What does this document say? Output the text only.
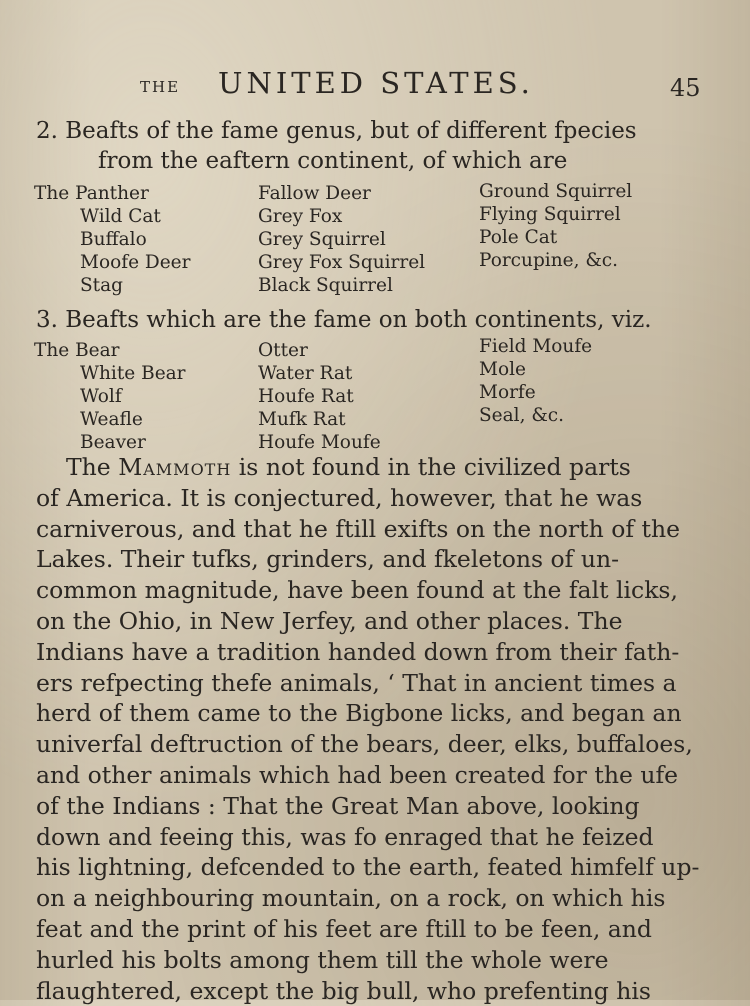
THE UNITED STATES.	45
2. Beafts of the fame genus, but of different fpecies
from the eaftern continent, of which are
The Panther
Wild Cat
Buffalo
Moofe Deer
Stag
Fallow Deer
Grey Fox
Grey Squirrel
Grey Fox Squirrel
Black Squirrel
Ground Squirrel
Flying Squirrel
Pole Cat
Porcupine, &c.
3. Beafts which are the fame on both continents, viz.
The Bear
White Bear
Wolf
Weafle
Beaver
Otter
Water Rat
Houfe Rat
Mufk Rat
Houfe Moufe
Field Moufe
Mole
Morfe
Seal, &c.
The Mammoth is not found in the civilized parts
of America. It is conjectured, however, that he was
carniverous, and that he ftill exifts on the north of the
Lakes. Their tufks, grinders, and fkeletons of un-
common magnitude, have been found at the falt licks,
on the Ohio, in New Jerfey, and other places. The
Indians have a tradition handed down from their fath-
ers refpecting thefe animals, ‘ That in ancient times a
herd of them came to the Bigbone licks, and began an
univerfal deftruction of the bears, deer, elks, buffaloes,
and other animals which had been created for the ufe
of the Indians : That the Great Man above, looking
down and feeing this, was fo enraged that he feized
his lightning, defcended to the earth, feated himfelf up-
on a neighbouring mountain, on a rock, on which his
feat and the print of his feet are ftill to be feen, and
hurled his bolts among them till the whole were
flaughtered, except the big bull, who prefenting his
